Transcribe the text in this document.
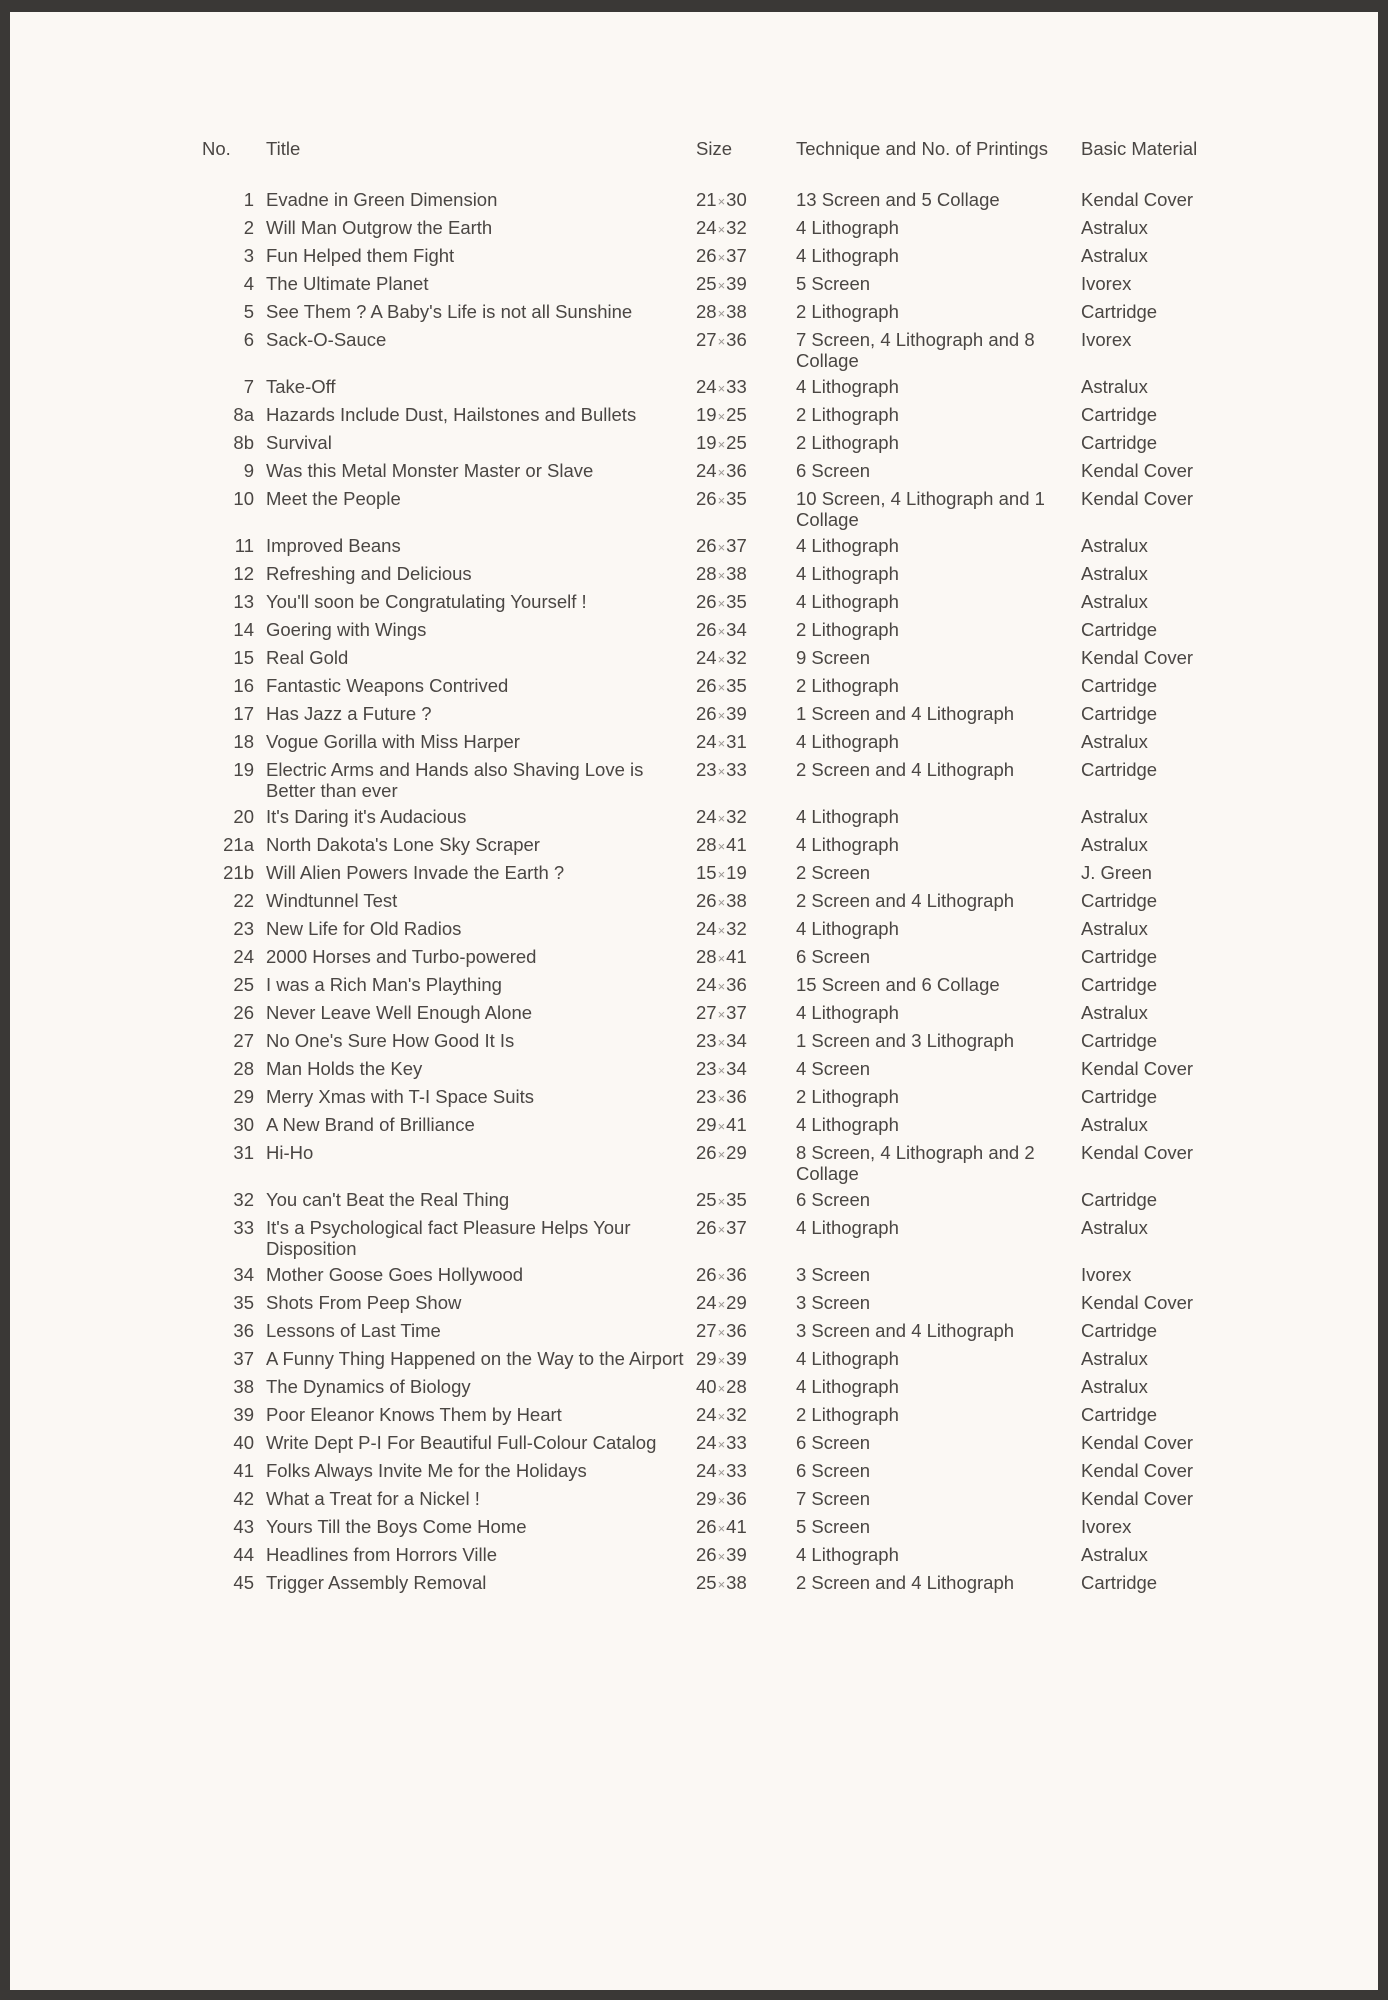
No.	Title	Size	Technique and No. of Printings	Basic Material
1	Evadne in Green Dimension	21×30	13 Screen and 5 Collage	Kendal Cover
2	Will Man Outgrow the Earth	24×32	4 Lithograph	Astralux
3	Fun Helped them Fight	26×37	4 Lithograph	Astralux
4	The Ultimate Planet	25×39	5 Screen	Ivorex
5	See Them ? A Baby's Life is not all Sunshine	28×38	2 Lithograph	Cartridge
6	Sack-O-Sauce	27×36	7 Screen, 4 Lithograph and 8 Collage	Ivorex
7	Take-Off	24×33	4 Lithograph	Astralux
8a	Hazards Include Dust, Hailstones and Bullets	19×25	2 Lithograph	Cartridge
8b	Survival	19×25	2 Lithograph	Cartridge
9	Was this Metal Monster Master or Slave	24×36	6 Screen	Kendal Cover
10	Meet the People	26×35	10 Screen, 4 Lithograph and 1 Collage	Kendal Cover
11	Improved Beans	26×37	4 Lithograph	Astralux
12	Refreshing and Delicious	28×38	4 Lithograph	Astralux
13	You'll soon be Congratulating Yourself !	26×35	4 Lithograph	Astralux
14	Goering with Wings	26×34	2 Lithograph	Cartridge
15	Real Gold	24×32	9 Screen	Kendal Cover
16	Fantastic Weapons Contrived	26×35	2 Lithograph	Cartridge
17	Has Jazz a Future ?	26×39	1 Screen and 4 Lithograph	Cartridge
18	Vogue Gorilla with Miss Harper	24×31	4 Lithograph	Astralux
19	Electric Arms and Hands also Shaving Love is Better than ever	23×33	2 Screen and 4 Lithograph	Cartridge
20	It's Daring it's Audacious	24×32	4 Lithograph	Astralux
21a	North Dakota's Lone Sky Scraper	28×41	4 Lithograph	Astralux
21b	Will Alien Powers Invade the Earth ?	15×19	2 Screen	J. Green
22	Windtunnel Test	26×38	2 Screen and 4 Lithograph	Cartridge
23	New Life for Old Radios	24×32	4 Lithograph	Astralux
24	2000 Horses and Turbo-powered	28×41	6 Screen	Cartridge
25	I was a Rich Man's Plaything	24×36	15 Screen and 6 Collage	Cartridge
26	Never Leave Well Enough Alone	27×37	4 Lithograph	Astralux
27	No One's Sure How Good It Is	23×34	1 Screen and 3 Lithograph	Cartridge
28	Man Holds the Key	23×34	4 Screen	Kendal Cover
29	Merry Xmas with T-I Space Suits	23×36	2 Lithograph	Cartridge
30	A New Brand of Brilliance	29×41	4 Lithograph	Astralux
31	Hi-Ho	26×29	8 Screen, 4 Lithograph and 2 Collage	Kendal Cover
32	You can't Beat the Real Thing	25×35	6 Screen	Cartridge
33	It's a Psychological fact Pleasure Helps Your Disposition	26×37	4 Lithograph	Astralux
34	Mother Goose Goes Hollywood	26×36	3 Screen	Ivorex
35	Shots From Peep Show	24×29	3 Screen	Kendal Cover
36	Lessons of Last Time	27×36	3 Screen and 4 Lithograph	Cartridge
37	A Funny Thing Happened on the Way to the Airport	29×39	4 Lithograph	Astralux
38	The Dynamics of Biology	40×28	4 Lithograph	Astralux
39	Poor Eleanor Knows Them by Heart	24×32	2 Lithograph	Cartridge
40	Write Dept P-I For Beautiful Full-Colour Catalog	24×33	6 Screen	Kendal Cover
41	Folks Always Invite Me for the Holidays	24×33	6 Screen	Kendal Cover
42	What a Treat for a Nickel !	29×36	7 Screen	Kendal Cover
43	Yours Till the Boys Come Home	26×41	5 Screen	Ivorex
44	Headlines from Horrors Ville	26×39	4 Lithograph	Astralux
45	Trigger Assembly Removal	25×38	2 Screen and 4 Lithograph	Cartridge
